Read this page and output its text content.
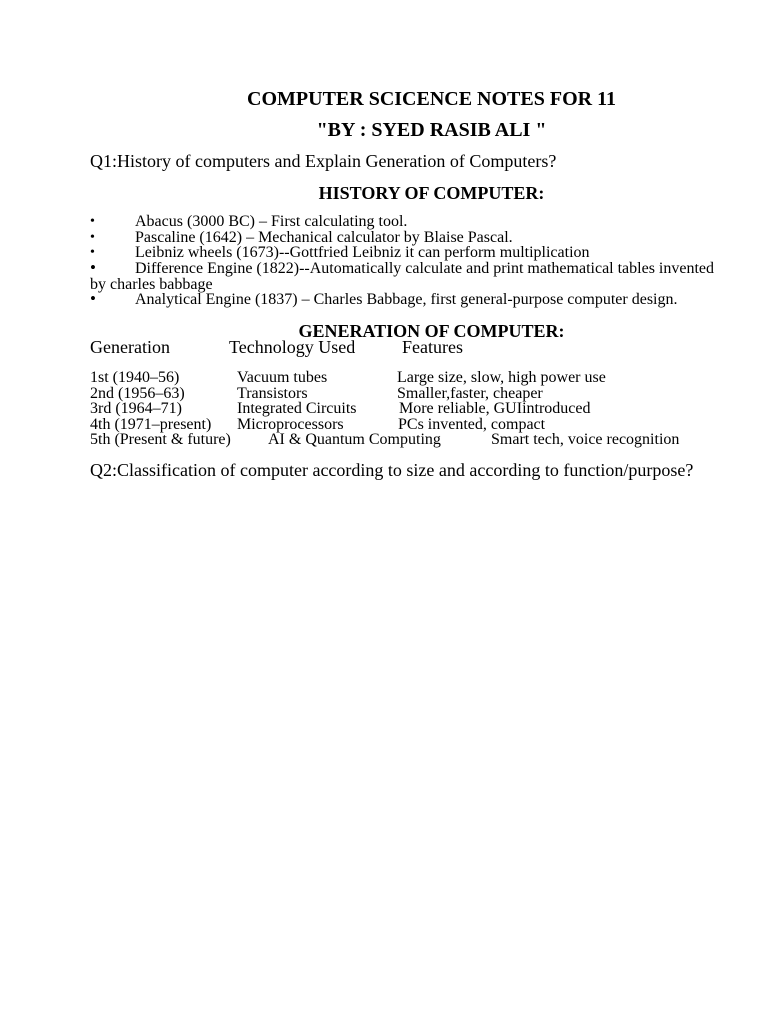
COMPUTER SCICENCE NOTES FOR 11
"BY : SYED RASIB ALI "
Q1:History of computers and Explain Generation of Computers?
HISTORY OF COMPUTER:
•	Abacus (3000 BC) – First calculating tool.
•	Pascaline (1642) – Mechanical calculator by Blaise Pascal.
•	Leibniz wheels (1673)--Gottfried Leibniz it can perform multiplication
• Difference Engine (1822)--Automatically calculate and print mathematical tables invented
by charles babbage
• Analytical Engine (1837) – Charles Babbage, first general-purpose computer design.
GENERATION OF COMPUTER:
Generation	Technology Used	Features
1st (1940–56)	Vacuum tubes	Large size, slow, high power use
2nd (1956–63)	Transistors	Smaller,faster, cheaper
3rd (1964–71)	Integrated Circuits	More reliable, GUIintroduced
4th (1971–present) Microprocessors	PCs invented, compact
5th (Present & future) AI & Quantum Computing	Smart tech, voice recognition
Q2:Classification of computer according to size and according to function/purpose?
